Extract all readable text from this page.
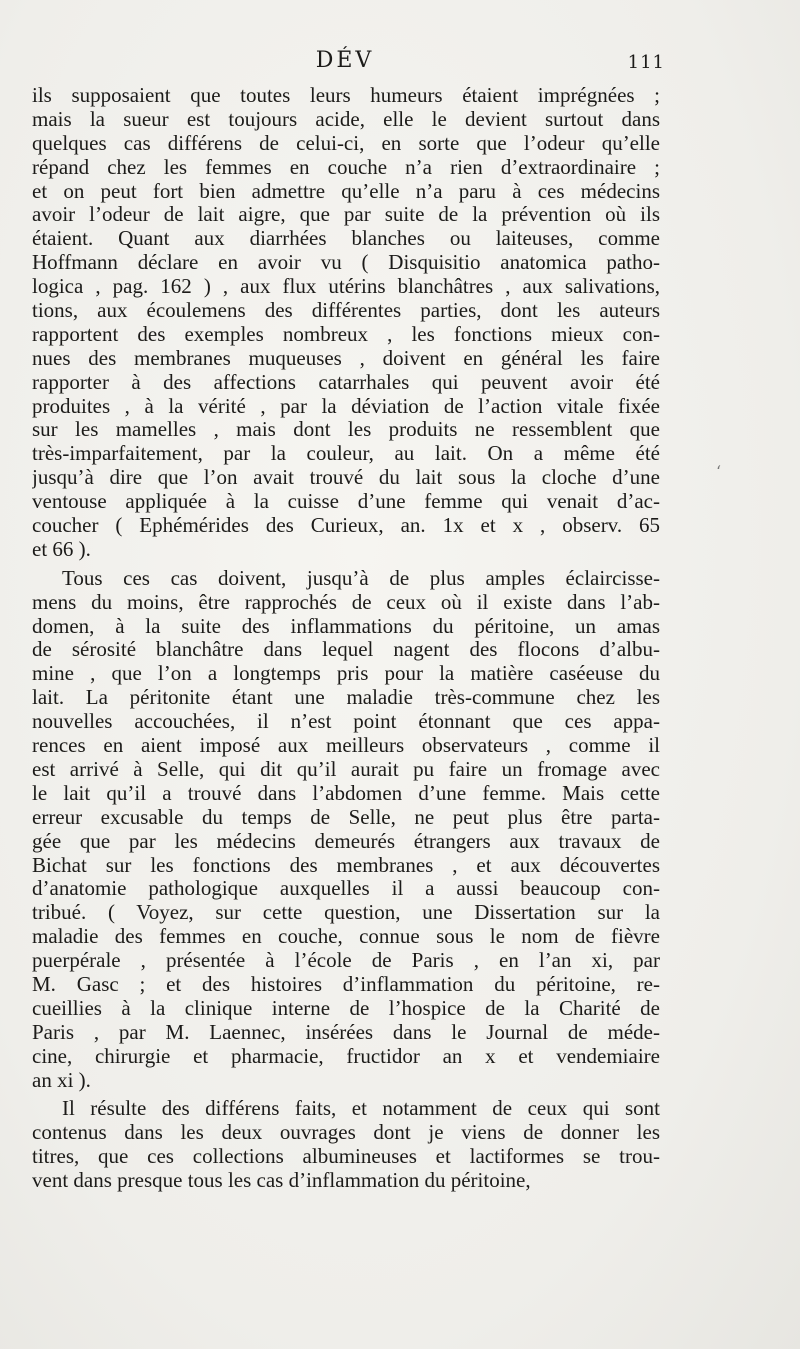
DÉV	111
ils supposaient que toutes leurs humeurs étaient imprégnées ;
mais la sueur est toujours acide, elle le devient surtout dans
quelques cas différens de celui-ci, en sorte que l’odeur qu’elle
répand chez les femmes en couche n’a rien d’extraordinaire ;
et on peut fort bien admettre qu’elle n’a paru à ces médecins
avoir l’odeur de lait aigre, que par suite de la prévention où ils
étaient. Quant aux diarrhées blanches ou laiteuses, comme
Hoffmann déclare en avoir vu ( Disquisitio anatomica patho-
logica , pag. 162 ) , aux flux utérins blanchâtres , aux salivations,
tions, aux écoulemens des différentes parties, dont les auteurs
rapportent des exemples nombreux , les fonctions mieux con-
nues des membranes muqueuses , doivent en général les faire
rapporter à des affections catarrhales qui peuvent avoir été
produites , à la vérité , par la déviation de l’action vitale fixée
sur les mamelles , mais dont les produits ne ressemblent que
très-imparfaitement, par la couleur, au lait. On a même été
jusqu’à dire que l’on avait trouvé du lait sous la cloche d’une
ventouse appliquée à la cuisse d’une femme qui venait d’ac-
coucher ( Ephémérides des Curieux, an. 1x et x , observ. 65
et 66 ).
Tous ces cas doivent, jusqu’à de plus amples éclaircisse-
mens du moins, être rapprochés de ceux où il existe dans l’ab-
domen, à la suite des inflammations du péritoine, un amas
de sérosité blanchâtre dans lequel nagent des flocons d’albu-
mine , que l’on a longtemps pris pour la matière caséeuse du
lait. La péritonite étant une maladie très-commune chez les
nouvelles accouchées, il n’est point étonnant que ces appa-
rences en aient imposé aux meilleurs observateurs , comme il
est arrivé à Selle, qui dit qu’il aurait pu faire un fromage avec
le lait qu’il a trouvé dans l’abdomen d’une femme. Mais cette
erreur excusable du temps de Selle, ne peut plus être parta-
gée que par les médecins demeurés étrangers aux travaux de
Bichat sur les fonctions des membranes , et aux découvertes
d’anatomie pathologique auxquelles il a aussi beaucoup con-
tribué. ( Voyez, sur cette question, une Dissertation sur la
maladie des femmes en couche, connue sous le nom de fièvre
puerpérale , présentée à l’école de Paris , en l’an xi, par
M. Gasc ; et des histoires d’inflammation du péritoine, re-
cueillies à la clinique interne de l’hospice de la Charité de
Paris , par M. Laennec, insérées dans le Journal de méde-
cine, chirurgie et pharmacie, fructidor an x et vendemiaire
an xi ).
Il résulte des différens faits, et notamment de ceux qui sont
contenus dans les deux ouvrages dont je viens de donner les
titres, que ces collections albumineuses et lactiformes se trou-
vent dans presque tous les cas d’inflammation du péritoine,
‘
